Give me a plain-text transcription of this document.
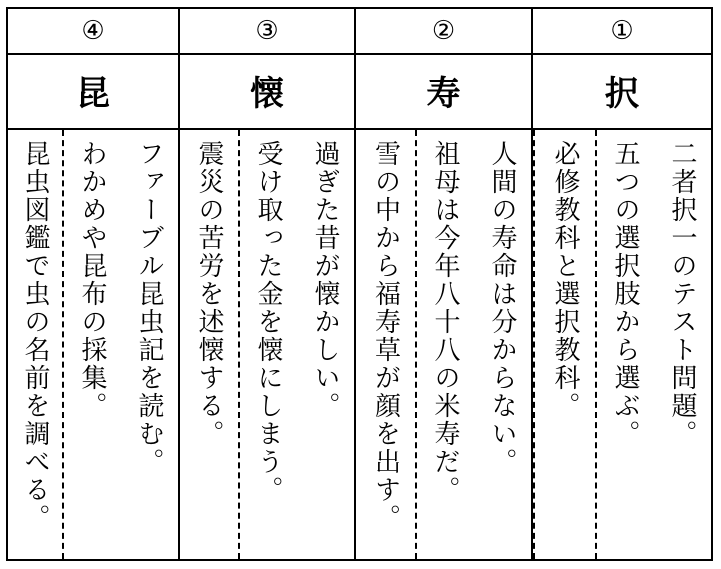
①
択
二者択一のテスト問題。
五つの選択肢から選ぶ。
必修教科と選択教科。
②
寿
人間の寿命は分からない。
祖母は今年八十八の米寿だ。
雪の中から福寿草が顔を出す。
③
懐
過ぎた昔が懐かしい。
受け取った金を懐にしまう。
震災の苦労を述懐する。
④
昆
ファーブル昆虫記を読む。
わかめや昆布の採集。
昆虫図鑑で虫の名前を調べる。
